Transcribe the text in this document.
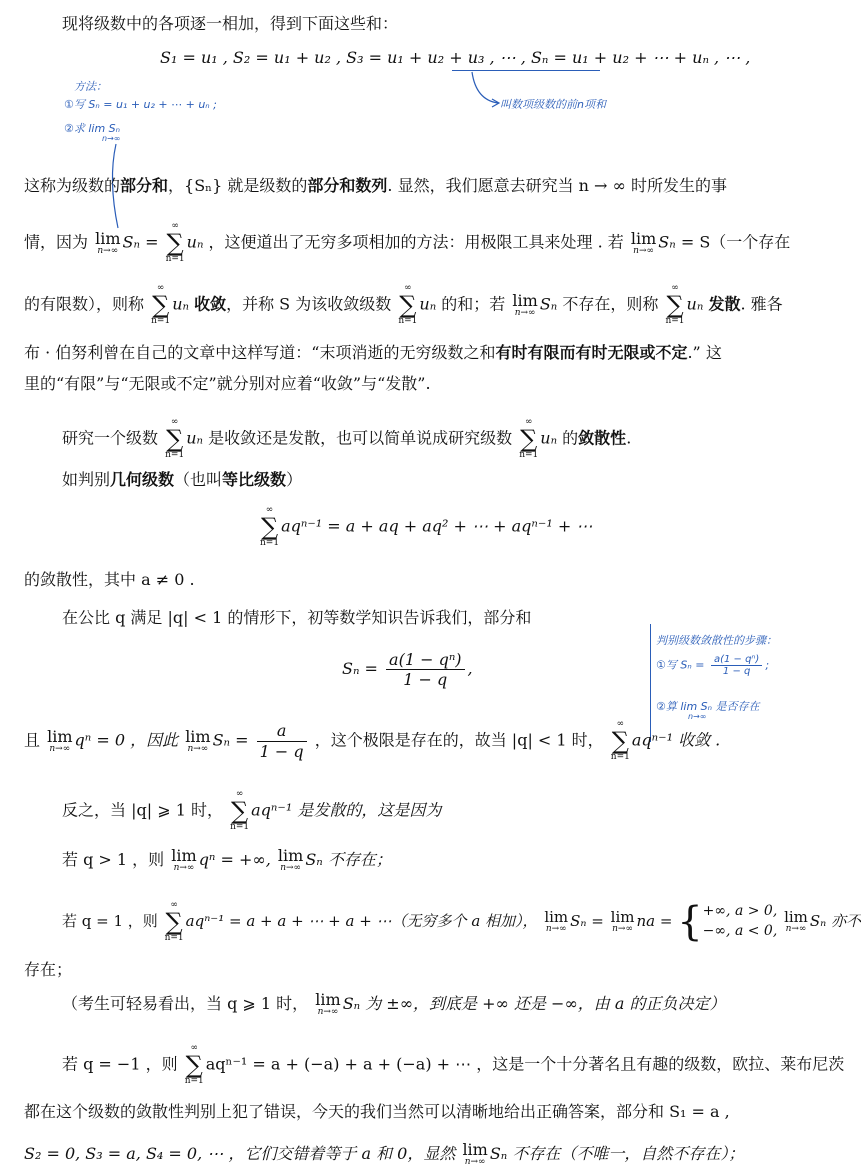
现将级数中的各项逐一相加，得到下面这些和：
S₁ = u₁ , S₂ = u₁ + u₂ , S₃ = u₁ + u₂ + u₃ , ⋯ , Sₙ = u₁ + u₂ + ⋯ + uₙ , ⋯ ,
方法：
①写 Sₙ = u₁ + u₂ + ⋯ + uₙ ;
②求 lim Sₙ
n→∞
叫数项级数的前n项和
这称为级数的部分和，{Sₙ} 就是级数的部分和数列. 显然，我们愿意去研究当 n → ∞ 时所发生的事
情，因为 lim
n→∞ Sₙ =
∞
∑
n=1
uₙ ，这便道出了无穷多项相加的方法：用极限工具来处理 . 若 lim
n→∞ Sₙ = S（一个存在
的有限数），则称
∞
∑
n=1
uₙ 收敛，并称 S 为该收敛级数
∞
∑
n=1
uₙ 的和；若 lim
n→∞ Sₙ 不存在，则称
∞
∑
n=1
uₙ 发散. 雅各
布 · 伯努利曾在自己的文章中这样写道：“末项消逝的无穷级数之和有时有限而有时无限或不定.” 这
里的“有限”与“无限或不定”就分别对应着“收敛”与“发散”.
研究一个级数
∞
∑
n=1
uₙ 是收敛还是发散，也可以简单说成研究级数
∞
∑
n=1
uₙ 的敛散性.
如判别几何级数（也叫等比级数）
∞
∑
n=1
aqⁿ⁻¹ = a + aq + aq² + ⋯ + aqⁿ⁻¹ + ⋯
的敛散性，其中 a ≠ 0 .
在公比 q 满足 |q| < 1 的情形下，初等数学知识告诉我们，部分和
$S_n = \frac{\text{a(1 − qⁿ)}}{1 - q}$ ,
判别级数敛散性的步骤：
①写 $S_n = \frac{\text{a(1 − qⁿ)}}{1 - q}$ ;
②算 lim Sₙ 是否存在
n→∞
且 lim
n→∞ qⁿ = 0 ，因此 lim
n→∞ $S_n = \frac{a}{1 - q}$ ，这个极限是存在的，故当 |q| < 1 时，
∞
∑
n=1
aqⁿ⁻¹ 收敛 .
反之，当 |q| ⩾ 1 时，
∞
∑
n=1
aqⁿ⁻¹ 是发散的，这是因为
若 q > 1 ，则 lim
n→∞ qⁿ = +∞, lim
n→∞ Sₙ 不存在；
若 q = 1 ，则
∞
∑
n=1
aqⁿ⁻¹ = a + a + ⋯ + a + ⋯（无穷多个 a 相加）， lim
n→∞ Sₙ = lim
n→∞ na = { +∞, a > 0,
−∞, a < 0,

lim
n→∞ Sₙ 亦不
存在；
（考生可轻易看出，当 q ⩾ 1 时， lim
n→∞ Sₙ 为 ±∞，到底是 +∞ 还是 −∞，由 a 的正负决定）
若 q = −1 ，则
∞
∑
n=1
aqⁿ⁻¹ = a + (−a) + a + (−a) + ⋯ ，这是一个十分著名且有趣的级数，欧拉、莱布尼茨
都在这个级数的敛散性判别上犯了错误，今天的我们当然可以清晰地给出正确答案，部分和 S₁ = a ,
S₂ = 0, S₃ = a, S₄ = 0, ⋯ ，它们交错着等于 a 和 0，显然 lim
n→∞ Sₙ 不存在（不唯一，自然不存在）；
